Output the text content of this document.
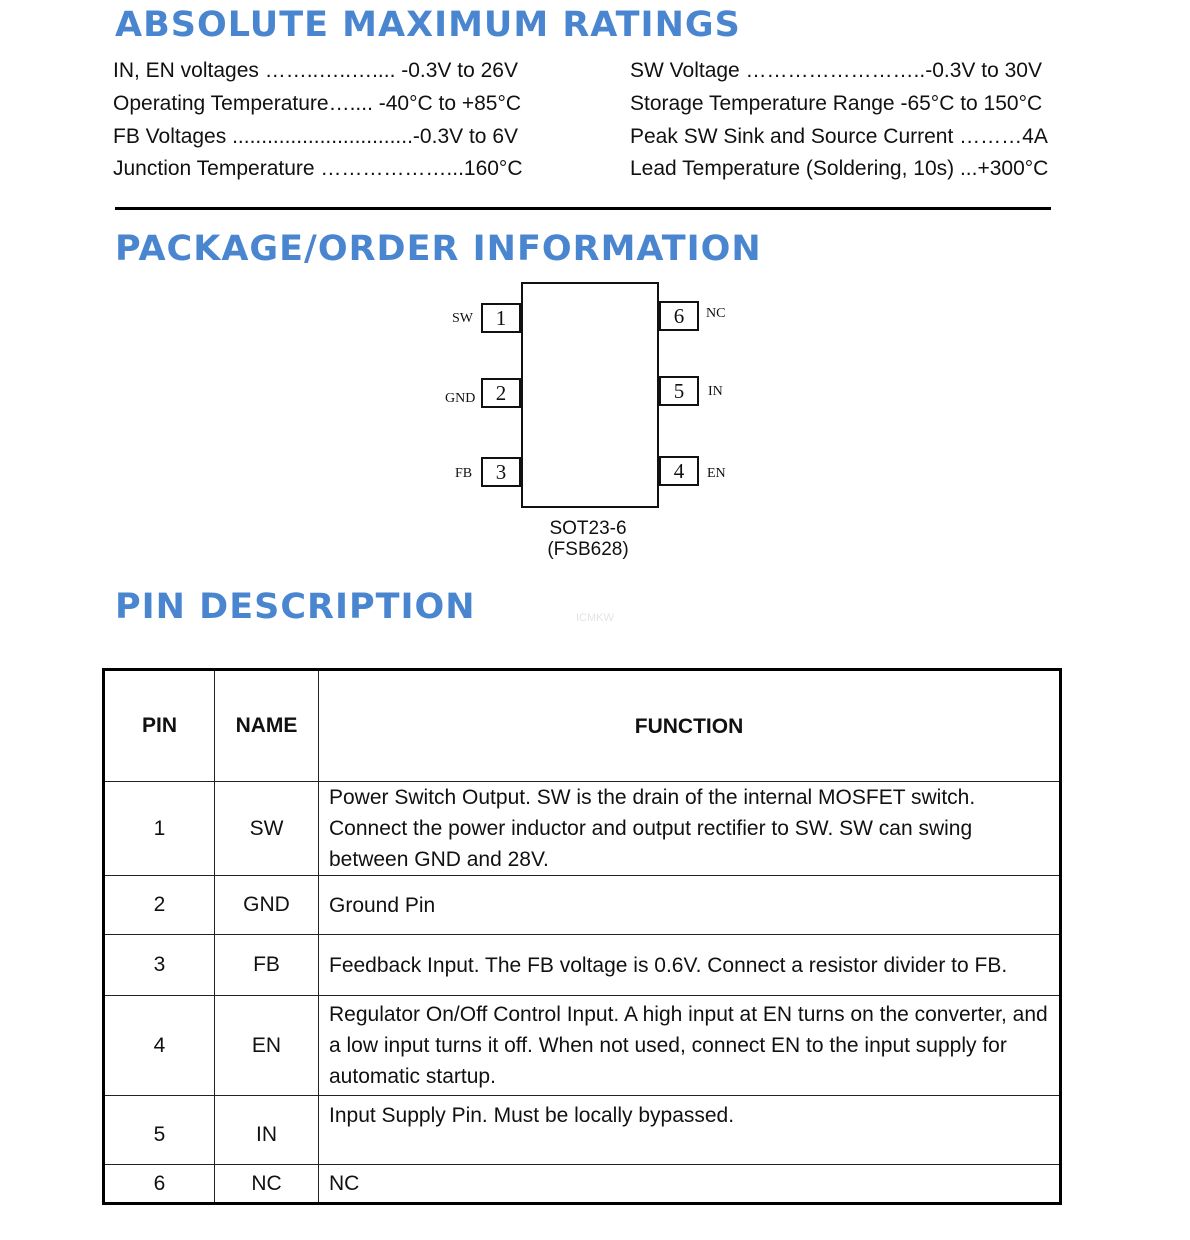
ABSOLUTE MAXIMUM RATINGS
IN, EN voltages ……..…..….... -0.3V to 26V
Operating Temperature….... -40°C to +85°C
FB Voltages ...............................-0.3V to 6V
Junction Temperature ………………...160°C
SW Voltage ……………………..-0.3V to 30V
Storage Temperature Range -65°C to 150°C
Peak SW Sink and Source Current ………4A
Lead Temperature (Soldering, 10s) ...+300°C
PACKAGE/ORDER INFORMATION
1
2
3
6
5
4
SW
GND
FB
NC
IN
EN
SOT23-6
(FSB628)
PIN DESCRIPTION	ICMKW
PIN	NAME	FUNCTION
1	SW	Power Switch Output. SW is the drain of the internal MOSFET switch. Connect the power inductor and output rectifier to SW. SW can swing between GND and 28V.
2	GND	Ground Pin
3	FB	Feedback Input. The FB voltage is 0.6V. Connect a resistor divider to FB.
4	EN	Regulator On/Off Control Input. A high input at EN turns on the converter, and a low input turns it off. When not used, connect EN to the input supply for automatic startup.
5	IN	Input Supply Pin. Must be locally bypassed.
6	NC	NC
